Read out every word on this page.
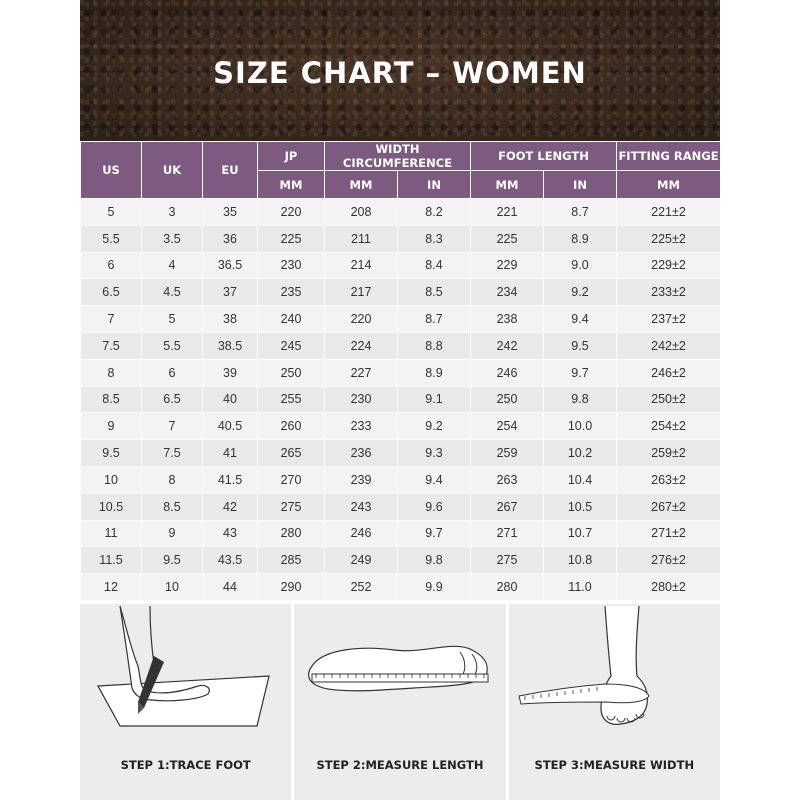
SIZE CHART – WOMEN
US	UK	EU	JP	WIDTH CIRCUMFERENCE		FOOT LENGTH		FITTING RANGE
			MM	MM	IN	MM	IN	MM
5	3	35	220	208	8.2	221	8.7	221±2
5.5	3.5	36	225	211	8.3	225	8.9	225±2
6	4	36.5	230	214	8.4	229	9.0	229±2
6.5	4.5	37	235	217	8.5	234	9.2	233±2
7	5	38	240	220	8.7	238	9.4	237±2
7.5	5.5	38.5	245	224	8.8	242	9.5	242±2
8	6	39	250	227	8.9	246	9.7	246±2
8.5	6.5	40	255	230	9.1	250	9.8	250±2
9	7	40.5	260	233	9.2	254	10.0	254±2
9.5	7.5	41	265	236	9.3	259	10.2	259±2
10	8	41.5	270	239	9.4	263	10.4	263±2
10.5	8.5	42	275	243	9.6	267	10.5	267±2
11	9	43	280	246	9.7	271	10.7	271±2
11.5	9.5	43.5	285	249	9.8	275	10.8	276±2
12	10	44	290	252	9.9	280	11.0	280±2
STEP 1:TRACE FOOT	STEP 2:MEASURE LENGTH	STEP 3:MEASURE WIDTH
